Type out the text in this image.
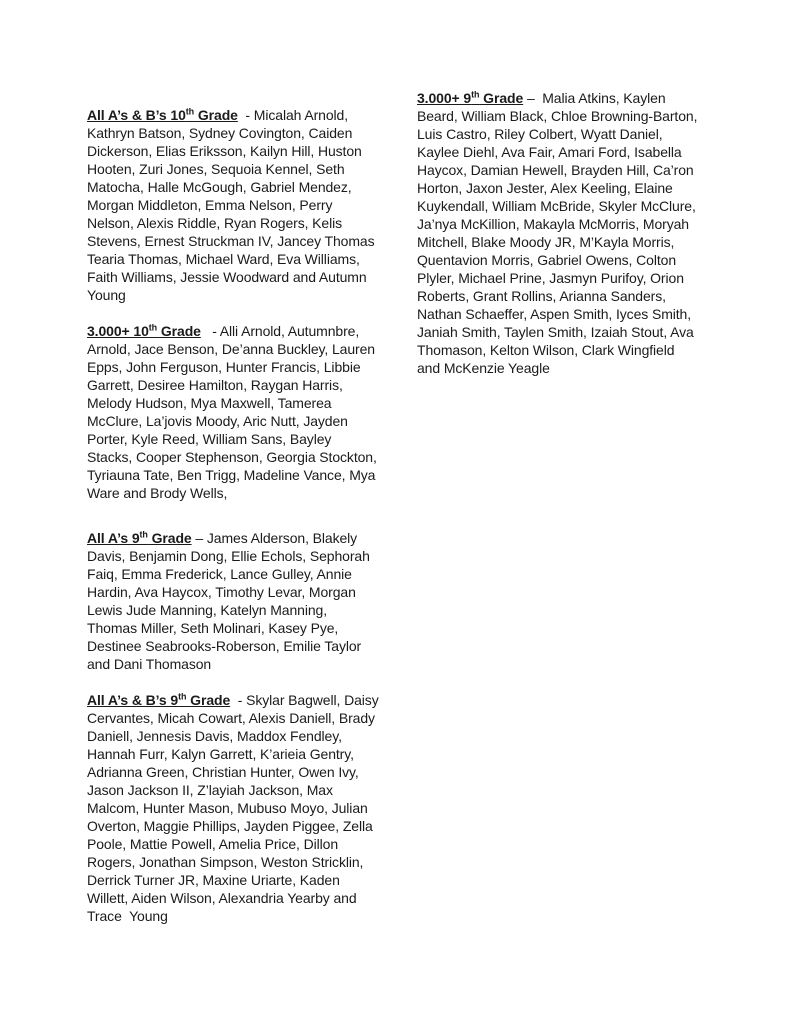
All A’s & B’s 10th Grade  - Micalah Arnold, Kathryn Batson, Sydney Covington, Caiden Dickerson, Elias Eriksson, Kailyn Hill, Huston Hooten, Zuri Jones, Sequoia Kennel, Seth Matocha, Halle McGough, Gabriel Mendez, Morgan Middleton, Emma Nelson, Perry Nelson, Alexis Riddle, Ryan Rogers, Kelis Stevens, Ernest Struckman IV, Jancey Thomas Tearia Thomas, Michael Ward, Eva Williams, Faith Williams, Jessie Woodward and Autumn Young

3.000+ 10th Grade   - Alli Arnold, Autumnbre, Arnold, Jace Benson, De’anna Buckley, Lauren Epps, John Ferguson, Hunter Francis, Libbie Garrett, Desiree Hamilton, Raygan Harris, Melody Hudson, Mya Maxwell, Tamerea McClure, La’jovis Moody, Aric Nutt, Jayden Porter, Kyle Reed, William Sans, Bayley Stacks, Cooper Stephenson, Georgia Stockton, Tyriauna Tate, Ben Trigg, Madeline Vance, Mya Ware and Brody Wells,

All A’s 9th Grade – James Alderson, Blakely Davis, Benjamin Dong, Ellie Echols, Sephorah Faiq, Emma Frederick, Lance Gulley, Annie Hardin, Ava Haycox, Timothy Levar, Morgan Lewis Jude Manning, Katelyn Manning, Thomas Miller, Seth Molinari, Kasey Pye, Destinee Seabrooks-Roberson, Emilie Taylor and Dani Thomason

All A’s & B’s 9th Grade  - Skylar Bagwell, Daisy Cervantes, Micah Cowart, Alexis Daniell, Brady Daniell, Jennesis Davis, Maddox Fendley, Hannah Furr, Kalyn Garrett, K’arieia Gentry, Adrianna Green, Christian Hunter, Owen Ivy, Jason Jackson II, Z’layiah Jackson, Max Malcom, Hunter Mason, Mubuso Moyo, Julian Overton, Maggie Phillips, Jayden Piggee, Zella Poole, Mattie Powell, Amelia Price, Dillon Rogers, Jonathan Simpson, Weston Stricklin, Derrick Turner JR, Maxine Uriarte, Kaden Willett, Aiden Wilson, Alexandria Yearby and Trace  Young

3.000+ 9th Grade –  Malia Atkins, Kaylen Beard, William Black, Chloe Browning-Barton, Luis Castro, Riley Colbert, Wyatt Daniel, Kaylee Diehl, Ava Fair, Amari Ford, Isabella Haycox, Damian Hewell, Brayden Hill, Ca’ron Horton, Jaxon Jester, Alex Keeling, Elaine Kuykendall, William McBride, Skyler McClure, Ja’nya McKillion, Makayla McMorris, Moryah Mitchell, Blake Moody JR, M’Kayla Morris, Quentavion Morris, Gabriel Owens, Colton Plyler, Michael Prine, Jasmyn Purifoy, Orion Roberts, Grant Rollins, Arianna Sanders, Nathan Schaeffer, Aspen Smith, Iyces Smith, Janiah Smith, Taylen Smith, Izaiah Stout, Ava Thomason, Kelton Wilson, Clark Wingfield and McKenzie Yeagle
